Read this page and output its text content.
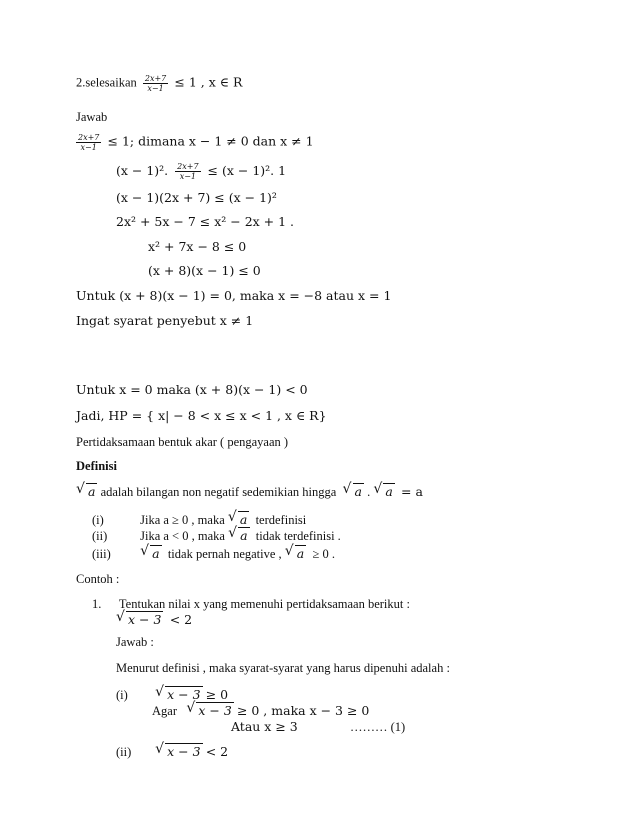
2.selesaikan $\frac{2x+7}{x-1} \le 1$ , x ∈ R
Jawab
$\frac{2x+7}{x-1} \le 1$; dimana x − 1 ≠ 0 dan x ≠ 1
(x − 1)². $\frac{2x+7}{x-1} \le (x - 1)^2$. 1
(x − 1)(2x + 7) ≤ (x − 1)²
2x² + 5x − 7 ≤ x² − 2x + 1 .
x² + 7x − 8 ≤ 0
(x + 8)(x − 1) ≤ 0
Untuk (x + 8)(x − 1) = 0, maka x = −8 atau x = 1
Ingat syarat penyebut x ≠ 1
Untuk x = 0 maka (x + 8)(x − 1) < 0
Jadi, HP = { x| − 8 < x ≤ x < 1 , x ∈ R}
Pertidaksamaan bentuk akar ( pengayaan )
Definisi
√ a adalah bilangan non negatif sedemikian hingga √ a . √ a = a
(i)	Jika a ≥ 0 , maka √ a terdefinisi
(ii)	Jika a < 0 , maka √ a tidak terdefinisi .
(iii) √ a tidak pernah negative , √ a ≥ 0 .
Contoh :
1. Tentukan nilai x yang memenuhi pertidaksamaan berikut :
√ x − 3 < 2
Jawab :
Menurut definisi , maka syarat-syarat yang harus dipenuhi adalah :
(i) √ x − 3 ≥ 0
Agar √ x − 3 ≥ 0 , maka x − 3 ≥ 0
Atau x ≥ 3	……… (1)
(ii) √ x − 3 < 2
